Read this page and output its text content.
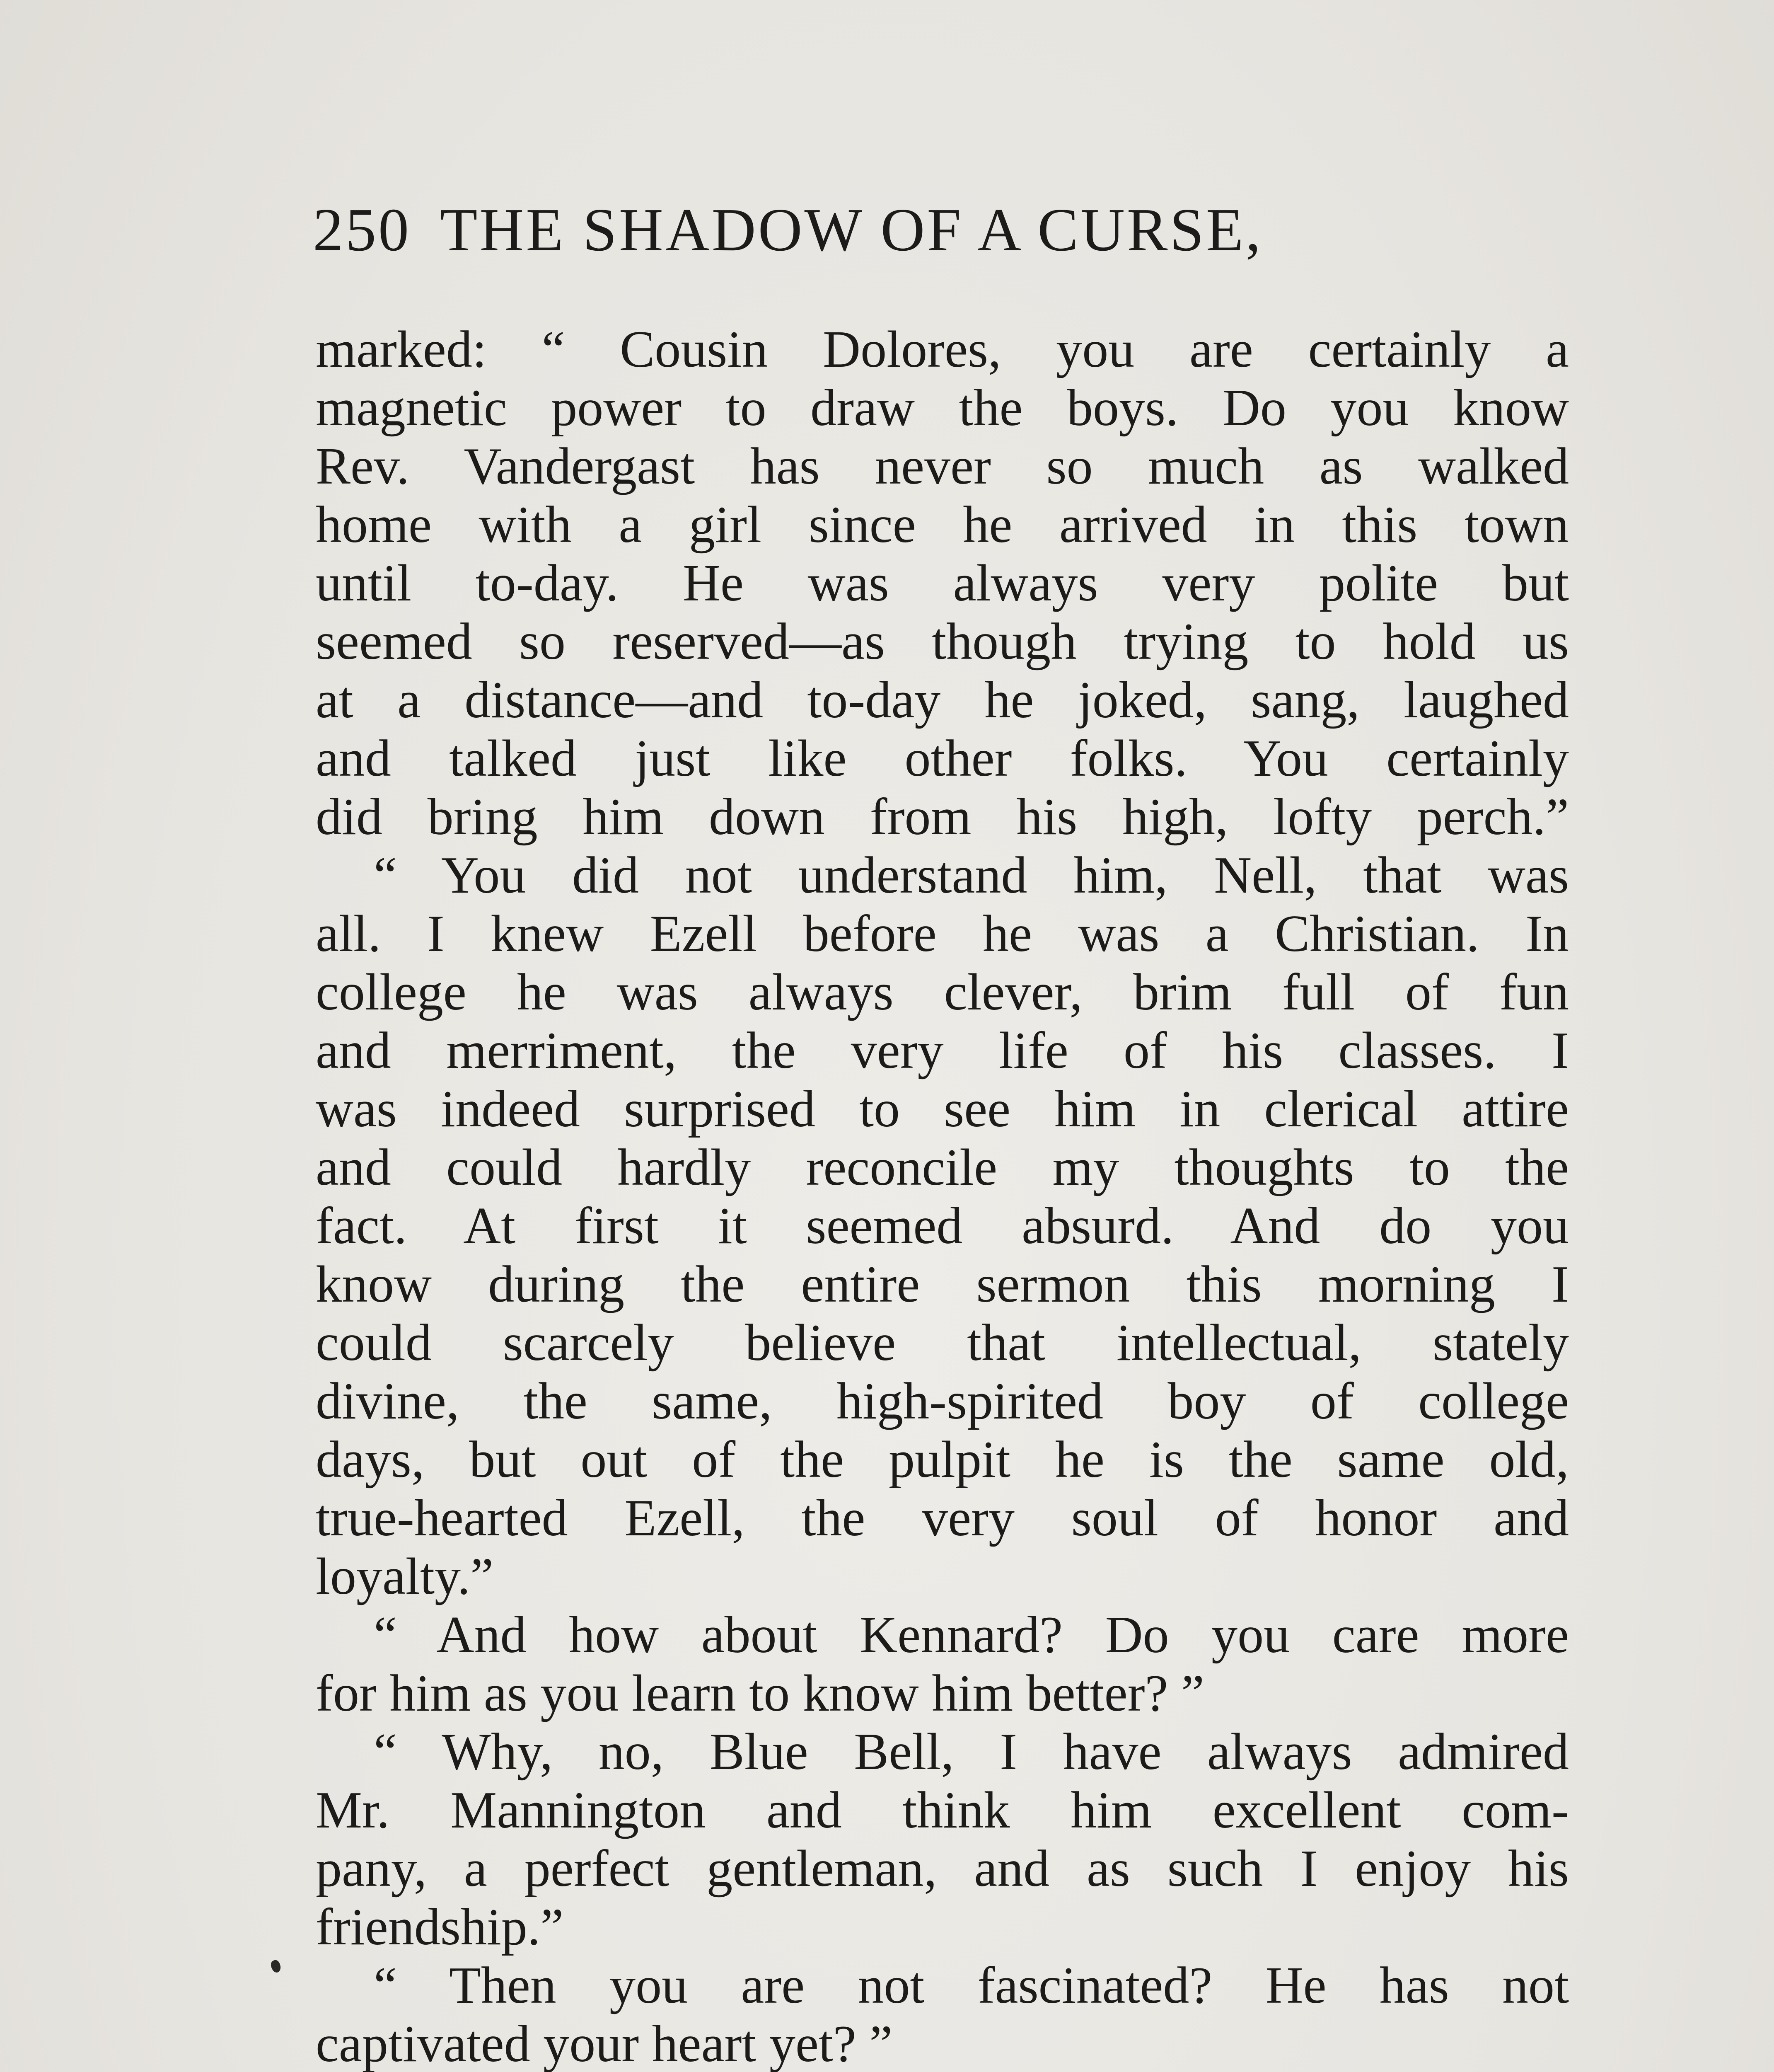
250 THE SHADOW OF A CURSE,
marked: “ Cousin Dolores, you are certainly a
magnetic power to draw the boys. Do you know
Rev. Vandergast has never so much as walked
home with a girl since he arrived in this town
until to-day. He was always very polite but
seemed so reserved—as though trying to hold us
at a distance—and to-day he joked, sang, laughed
and talked just like other folks. You certainly
did bring him down from his high, lofty perch.”
“ You did not understand him, Nell, that was
all. I knew Ezell before he was a Christian. In
college he was always clever, brim full of fun
and merriment, the very life of his classes. I
was indeed surprised to see him in clerical attire
and could hardly reconcile my thoughts to the
fact. At first it seemed absurd. And do you
know during the entire sermon this morning I
could scarcely believe that intellectual, stately
divine, the same, high-spirited boy of college
days, but out of the pulpit he is the same old,
true-hearted Ezell, the very soul of honor and
loyalty.”
“ And how about Kennard? Do you care more
for him as you learn to know him better? ”
“ Why, no, Blue Bell, I have always admired
Mr. Mannington and think him excellent com-
pany, a perfect gentleman, and as such I enjoy his
friendship.”
“ Then you are not fascinated? He has not
captivated your heart yet? ”
